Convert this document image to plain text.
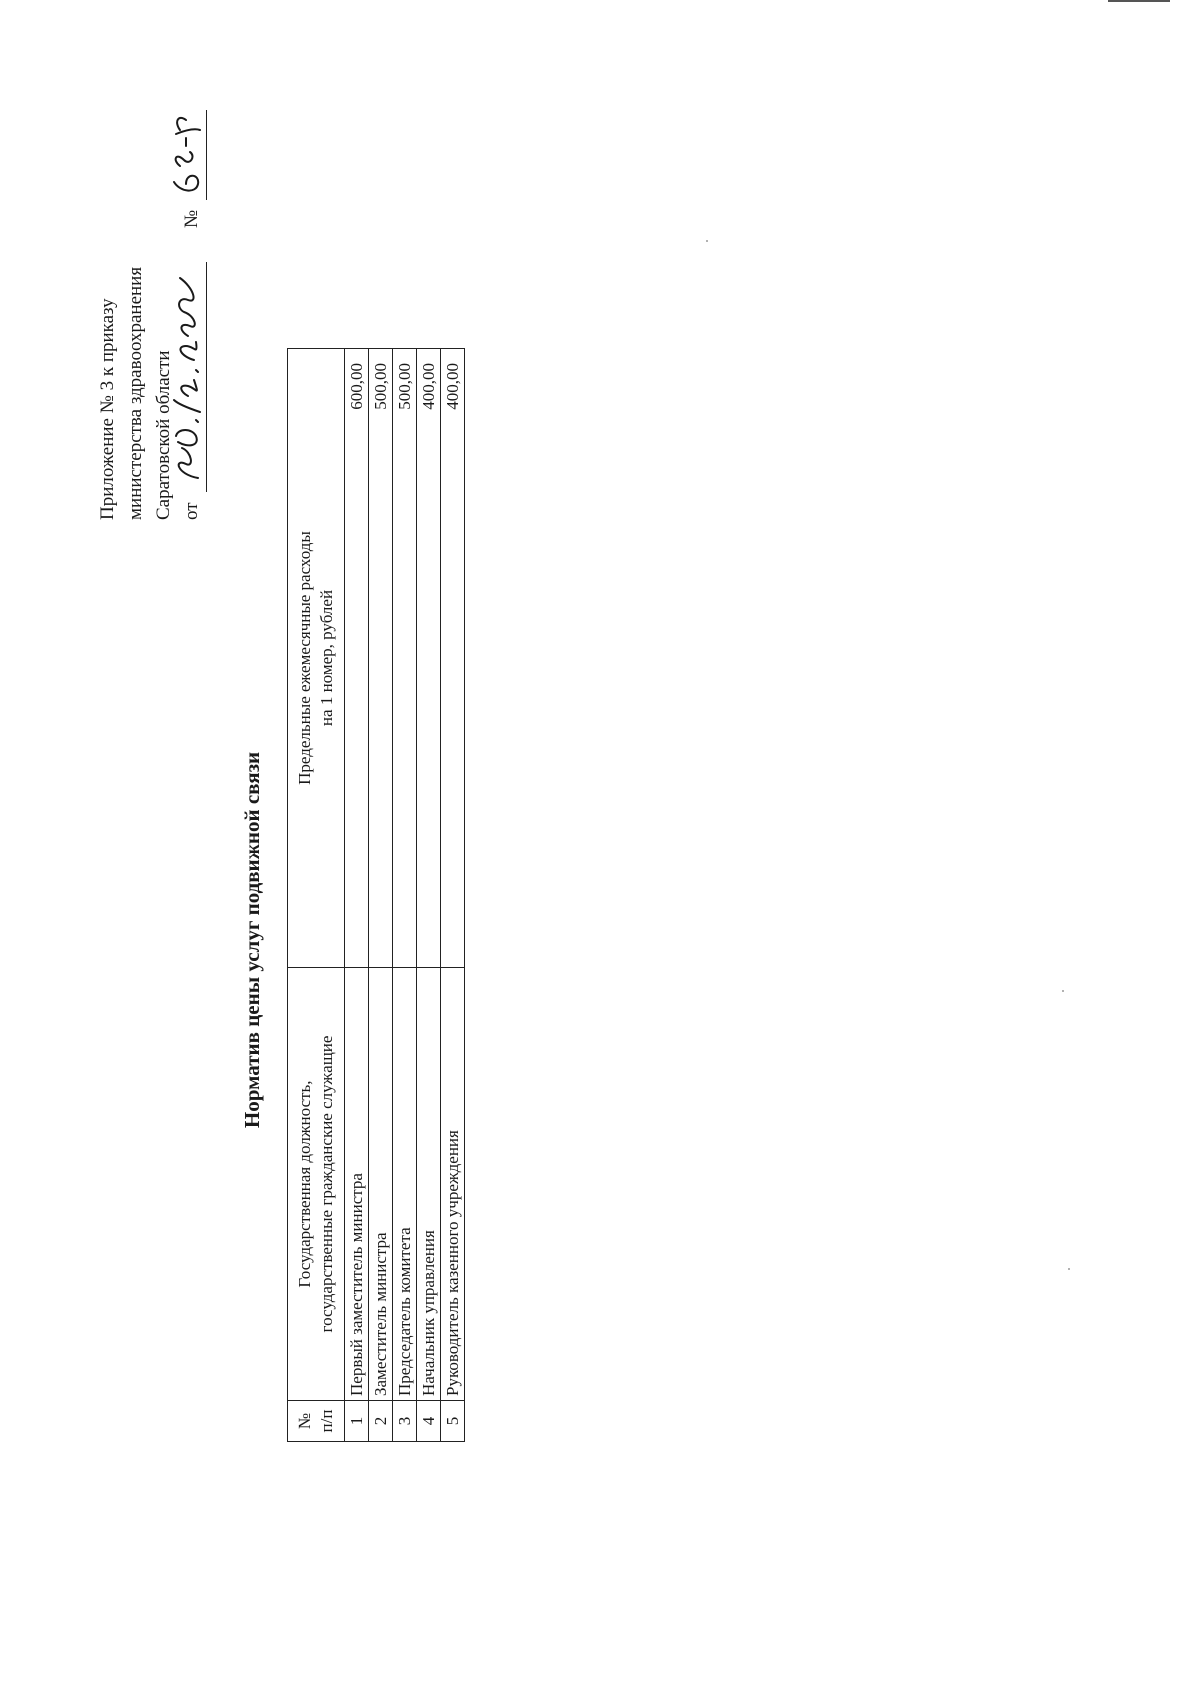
Приложение № 3 к приказу министерства здравоохранения Саратовской области от
№
Норматив цены услуг подвижной связи
№ п/п	Государственная должность, государственные гражданские служащие	Предельные ежемесячные расходы на 1 номер, рублей

1	Первый заместитель министра	600,00
2	Заместитель министра	500,00
3	Председатель комитета	500,00
4	Начальник управления	400,00
5	Руководитель казенного учреждения	400,00
